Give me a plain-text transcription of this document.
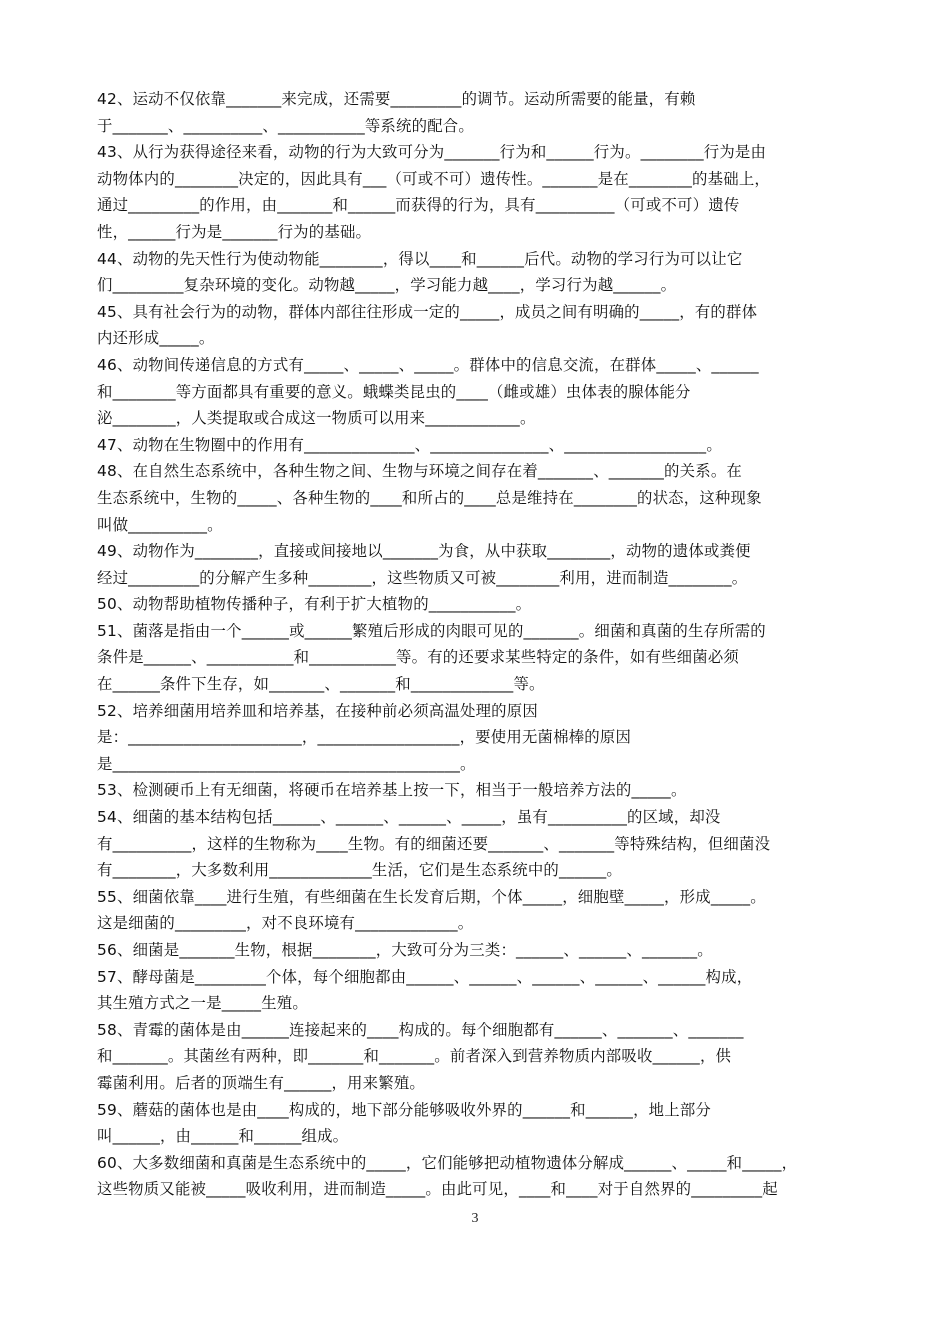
42、运动不仅依靠_______来完成，还需要_________的调节。运动所需要的能量，有赖
于_______、__________、___________等系统的配合。
43、从行为获得途径来看，动物的行为大致可分为_______行为和______行为。________行为是由
动物体内的________决定的，因此具有___（可或不可）遗传性。_______是在________的基础上，
通过_________的作用，由_______和______而获得的行为，具有__________（可或不可）遗传
性，______行为是_______行为的基础。
44、动物的先天性行为使动物能________，得以____和______后代。动物的学习行为可以让它
们_________复杂环境的变化。动物越_____，学习能力越____，学习行为越______。
45、具有社会行为的动物，群体内部往往形成一定的_____，成员之间有明确的_____，有的群体
内还形成_____。
46、动物间传递信息的方式有_____、_____、_____。群体中的信息交流，在群体_____、______
和________等方面都具有重要的意义。蛾蝶类昆虫的____（雌或雄）虫体表的腺体能分
泌________，人类提取或合成这一物质可以用来____________。
47、动物在生物圈中的作用有______________、_______________、__________________。
48、在自然生态系统中，各种生物之间、生物与环境之间存在着_______、_______的关系。在
生态系统中，生物的_____、各种生物的____和所占的____总是维持在________的状态，这种现象
叫做__________。
49、动物作为________，直接或间接地以_______为食，从中获取________，动物的遗体或粪便
经过_________的分解产生多种________，这些物质又可被________利用，进而制造________。
50、动物帮助植物传播种子，有利于扩大植物的___________。
51、菌落是指由一个______或______繁殖后形成的肉眼可见的_______。细菌和真菌的生存所需的
条件是______、___________和___________等。有的还要求某些特定的条件，如有些细菌必须
在______条件下生存，如_______、_______和_____________等。
52、培养细菌用培养皿和培养基，在接种前必须高温处理的原因
是：______________________，__________________，要使用无菌棉棒的原因
是____________________________________________。
53、检测硬币上有无细菌，将硬币在培养基上按一下，相当于一般培养方法的_____。
54、细菌的基本结构包括______、______、______、_____，虽有__________的区域，却没
有__________，这样的生物称为____生物。有的细菌还要_______、_______等特殊结构，但细菌没
有________，大多数利用_____________生活，它们是生态系统中的______。
55、细菌依靠____进行生殖，有些细菌在生长发育后期，个体_____，细胞壁_____，形成_____。
这是细菌的_________，对不良环境有_____________。
56、细菌是_______生物，根据________，大致可分为三类：______、______、_______。
57、酵母菌是_________个体，每个细胞都由______、______、______、______、______构成，
其生殖方式之一是_____生殖。
58、青霉的菌体是由______连接起来的____构成的。每个细胞都有______、_______、_______
和_______。其菌丝有两种，即_______和_______。前者深入到营养物质内部吸收______，供
霉菌利用。后者的顶端生有______，用来繁殖。
59、蘑菇的菌体也是由____构成的，地下部分能够吸收外界的______和______，地上部分
叫______，由______和______组成。
60、大多数细菌和真菌是生态系统中的_____，它们能够把动植物遗体分解成______、_____和_____，
这些物质又能被_____吸收利用，进而制造_____。由此可见，____和____对于自然界的_________起
3
